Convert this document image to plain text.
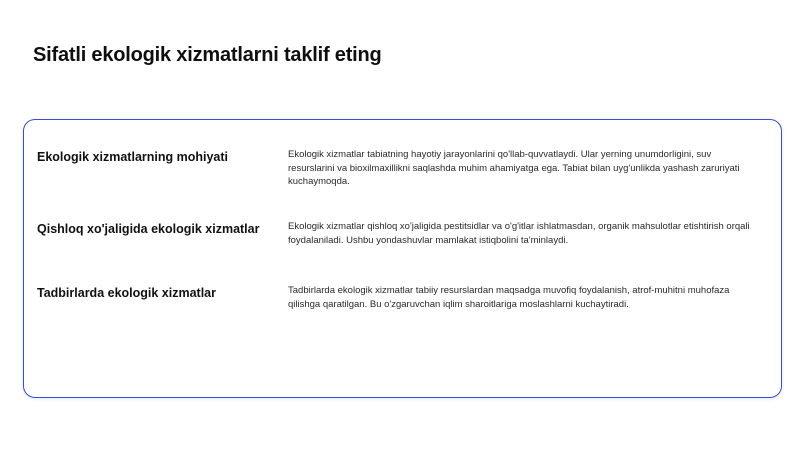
Sifatli ekologik xizmatlarni taklif eting
Ekologik xizmatlarning mohiyati	Ekologik xizmatlar tabiatning hayotiy jarayonlarini qo'llab-quvvatlaydi. Ular yerning unumdorligini, suv resurslarini va bioxilmaxillikni saqlashda muhim ahamiyatga ega. Tabiat bilan uyg'unlikda yashash zaruriyati kuchaymoqda.
Qishloq xo'jaligida ekologik xizmatlar	Ekologik xizmatlar qishloq xo'jaligida pestitsidlar va o'g'itlar ishlatmasdan, organik mahsulotlar etishtirish orqali foydalaniladi. Ushbu yondashuvlar mamlakat istiqbolini ta'minlaydi.
Tadbirlarda ekologik xizmatlar	Tadbirlarda ekologik xizmatlar tabiiy resurslardan maqsadga muvofiq foydalanish, atrof-muhitni muhofaza qilishga qaratilgan. Bu o'zgaruvchan iqlim sharoitlariga moslashlarni kuchaytiradi.
